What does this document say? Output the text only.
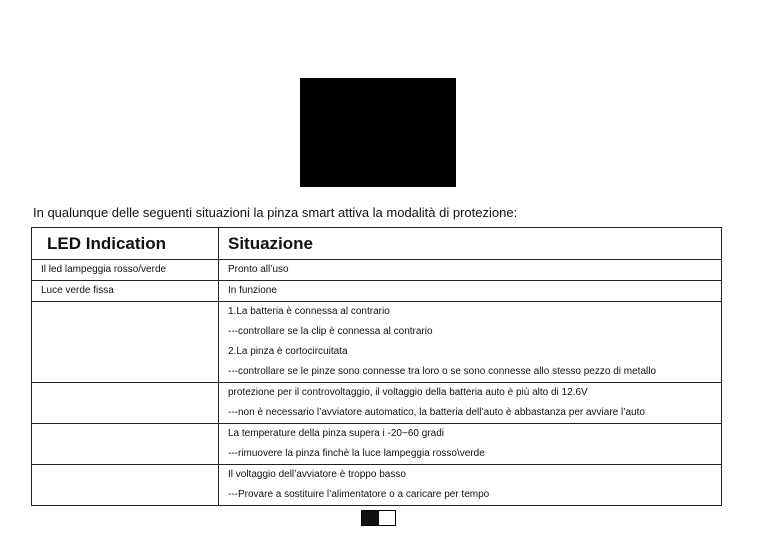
In qualunque delle seguenti situazioni la pinza smart attiva la modalità di protezione:
LED Indication	Situazione

Il led lampeggia rosso/verde	Pronto all’uso

Luce verde fissa	In funzione

	1.La batteria è connessa al contrario
---controllare se la clip è connessa al contrario
2.La pinza è cortocircuitata
---controllare se le pinze sono connesse tra loro o se sono connesse allo stesso pezzo di metallo

	protezione per il controvoltaggio, il voltaggio della batteria auto è più alto di 12.6V
---non è necessario l’avviatore automatico, la batteria dell’auto è abbastanza per avviare l’auto

	La temperature della pinza supera i -20~60 gradi
---rimuovere la pinza finchè la luce lampeggia rosso\verde

	Il voltaggio dell’avviatore è troppo basso
---Provare a sostituire l’alimentatore o a caricare per tempo
